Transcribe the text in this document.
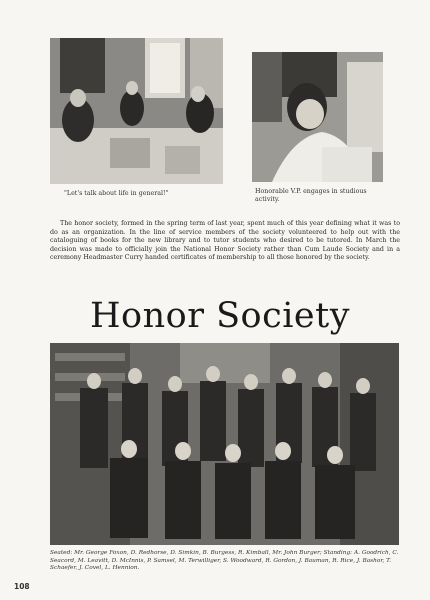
"Let's talk about life in general!"	Honorable V.P. engages in studious activity.
The honor society, formed in the spring term of last year, spent much of this year defining what it was to do as an organization. In the line of service members of the society volunteered to help out with the cataloguing of books for the new library and to tutor students who desired to be tutored. In March the decision was made to officially join the National Honor Society rather than Cum Laude Society and in a ceremony Headmaster Curry handed certificates of membership to all those honored by the society.
Honor Society
Seated: Mr. George Foxon, D. Redhorse, D. Simkin, B. Burgess, R. Kimball, Mr. John Burger; Standing: A. Goodrich, C. Seacord, M. Leavitt, D. McInnis, P. Samsel, M. Terwilliger, S. Woodward, R. Gordon, J. Bauman, R. Rice, J. Bashor, T. Schaefer, J. Covel, L. Hennion.
108
